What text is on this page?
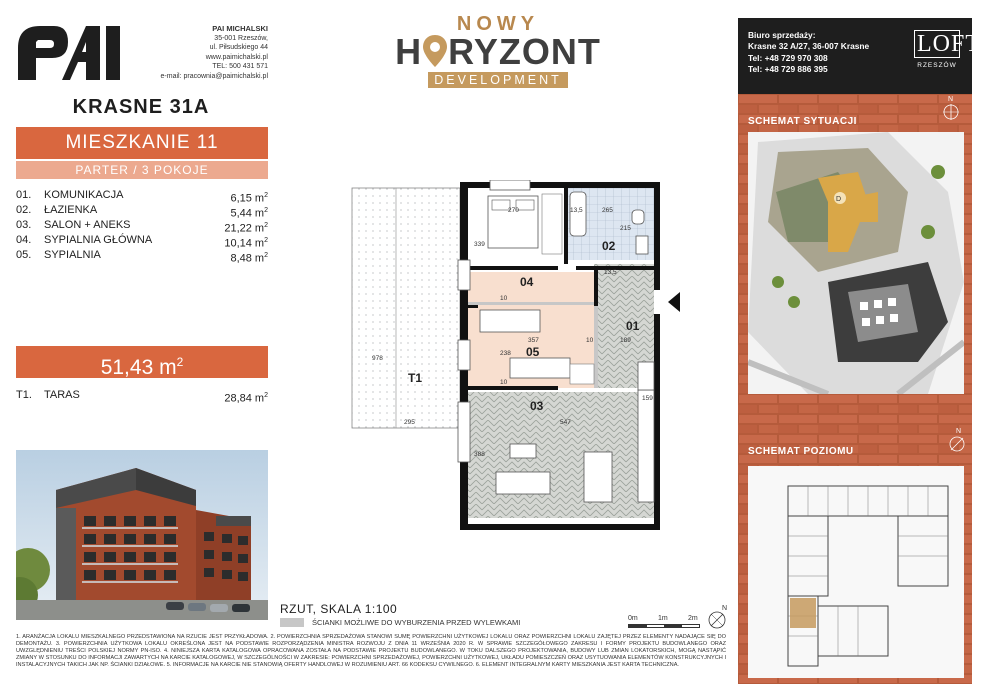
PAI MICHALSKI
35-001 Rzeszów,
ul. Piłsudskiego 44
www.paimichalski.pl
TEL: 500 431 571
e-mail: pracownia@paimichalski.pl
NOWY
H RYZONT
DEVELOPMENT
Biuro sprzedaży:
Krasne 32 A/27, 36-007 Krasne
Tel: +48 729 970 308
Tel: +48 729 886 395
LOFT
RZESZÓW
KRASNE 31A
MIESZKANIE 11
PARTER / 3 POKOJE
01.	KOMUNIKACJA	6,15 $m^2$
02.	ŁAZIENKA	5,44 $m^2$
03.	SALON + ANEKS	21,22 $m^2$
04.	SYPIALNIA GŁÓWNA	10,14 $m^2$
05.	SYPIALNIA	8,48 $m^2$
51,43 $m^2$
T1.	TARAS	28,84 $m^2$
04
02
01
05
03
T1
270	13,5	265
215
339
13,5
10
238
357	10	189
10
978
295	547
388
159
RZUT, SKALA 1:100
ŚCIANKI MOŻLIWE DO WYBURZENIA PRZED WYLEWKAMI	0m	1m	2m
N
1. ARANŻACJA LOKALU MIESZKALNEGO PRZEDSTAWIONA NA RZUCIE JEST PRZYKŁADOWA. 2. POWIERZCHNIA SPRZEDAŻOWA STANOWI SUMĘ POWIERZCHNI UŻYTKOWEJ LOKALU ORAZ POWIERZCHNI LOKALU ZAJĘTEJ PRZEZ ELEMENTY NADAJĄCE SIĘ DO DEMONTAŻU. 3. POWIERZCHNIA UŻYTKOWA LOKALU OKREŚLONA JEST NA PODSTAWIE ROZPORZĄDZENIA MINISTRA ROZWOJU Z DNIA 11 WRZEŚNIA 2020 R. W SPRAWIE SZCZEGÓŁOWEGO ZAKRESU I FORMY PROJEKTU BUDOWLANEGO ORAZ UWZGLĘDNIENIU TREŚCI POLSKIEJ NORMY PN-ISO. 4. NINIEJSZA KARTA KATALOGOWA OPRACOWANA ZOSTAŁA NA PODSTAWIE PROJEKTU BUDOWLANEGO. W TOKU DALSZEGO PROJEKTOWANIA, BUDOWY LUB ZMIAN LOKATORSKICH, MOGĄ NASTĄPIĆ ZMIANY W STOSUNKU DO INFORMACJI ZAWARTYCH NA KARCIE KATALOGOWEJ, W SZCZEGÓLNOŚCI W ZAKRESIE: POWIERZCHNI SPRZEDAŻOWEJ, POWIERZCHNI UŻYTKOWEJ, UKŁADU POMIESZCZEŃ ORAZ USYTUOWANIA ELEMENTÓW KONSTRUKCYJNYCH I INSTALACYJNYCH TAKICH JAK NP. ŚCIANKI DZIAŁOWE. 5. INFORMACJE NA KARCIE NIE STANOWIĄ OFERTY HANDLOWEJ W ROZUMIENIU ART. 66 KODEKSU CYWILNEGO. 6. ELEMENT INTEGRALNYM KARTY MIESZKANIA JEST KARTA TECHNICZNA.
SCHEMAT SYTUACJI
N
D
SCHEMAT POZIOMU
N
